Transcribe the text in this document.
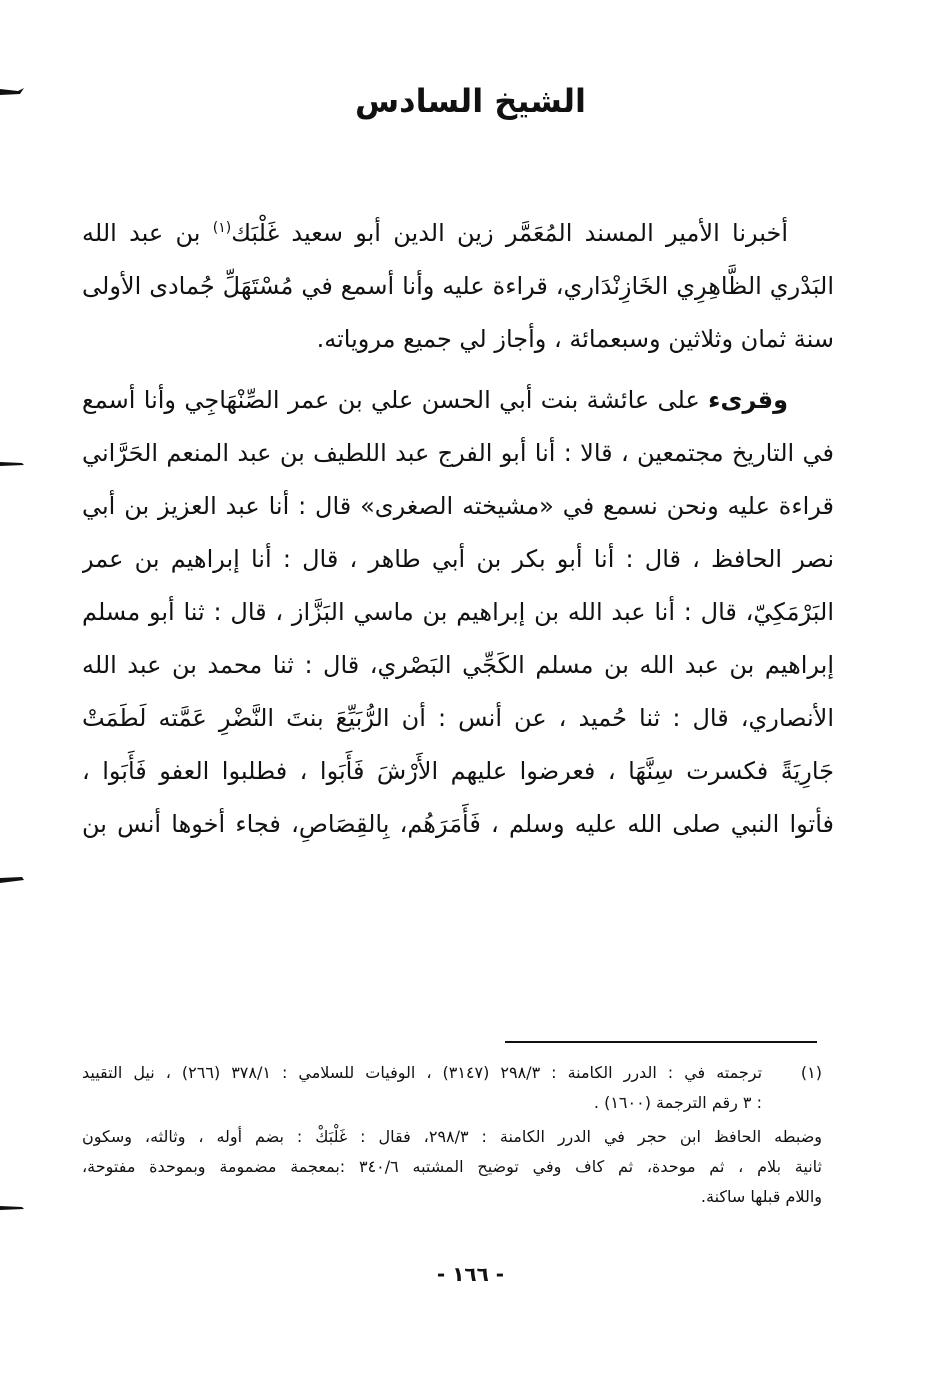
الشيخ السادس

أخبرنا الأمير المسند المُعَمَّر زين الدين أبو سعيد غَلْبَك$^{(١)}$ بن عبد الله
البَدْري الظَّاهِرِي الخَازِنْدَاري، قراءة عليه وأنا أسمع في مُسْتَهَلِّ جُمادى الأولى
سنة ثمان وثلاثين وسبعمائة ، وأجاز لي جميع مروياته.

وقرىء على عائشة بنت أبي الحسن علي بن عمر الصِّنْهَاجِي وأنا أسمع
في التاريخ مجتمعين ، قالا : أنا أبو الفرج عبد اللطيف بن عبد المنعم الحَرَّاني
قراءة عليه ونحن نسمع في «مشيخته الصغرى» قال : أنا عبد العزيز بن أبي
نصر الحافظ ، قال : أنا أبو بكر بن أبي طاهر ، قال : أنا إبراهيم بن عمر
البَرْمَكِيّ، قال : أنا عبد الله بن إبراهيم بن ماسي البَزَّاز ، قال : ثنا أبو مسلم
إبراهيم بن عبد الله بن مسلم الكَجِّي البَصْري، قال : ثنا محمد بن عبد الله
الأنصاري، قال : ثنا حُميد ، عن أنس : أن الرُّبَيِّعَ بنتَ النَّضْرِ عَمَّته لَطَمَتْ
جَارِيَةً فكسرت سِنَّهَا ، فعرضوا عليهم الأَرْشَ فَأَبَوا ، فطلبوا العفو فَأَبَوا ،
فأتوا النبي صلى الله عليه وسلم ، فَأَمَرَهُم، بِالقِصَاصِ، فجاء أخوها أنس بن

(١)
ترجمته في : الدرر الكامنة : ٢٩٨/٣ (٣١٤٧) ، الوفيات للسلامي : ٣٧٨/١ (٢٦٦) ، نيل التقييد
: ٣ رقم الترجمة (١٦٠٠) .
وضبطه الحافظ ابن حجر في الدرر الكامنة : ٢٩٨/٣، فقال : غَلْبَكْ : بضم أوله ، وثالثه، وسكون
ثانية بلام ، ثم موحدة، ثم كاف وفي توضيح المشتبه ٣٤٠/٦ :بمعجمة مضمومة وبموحدة مفتوحة،
واللام قبلها ساكنة.
- ١٦٦ -
